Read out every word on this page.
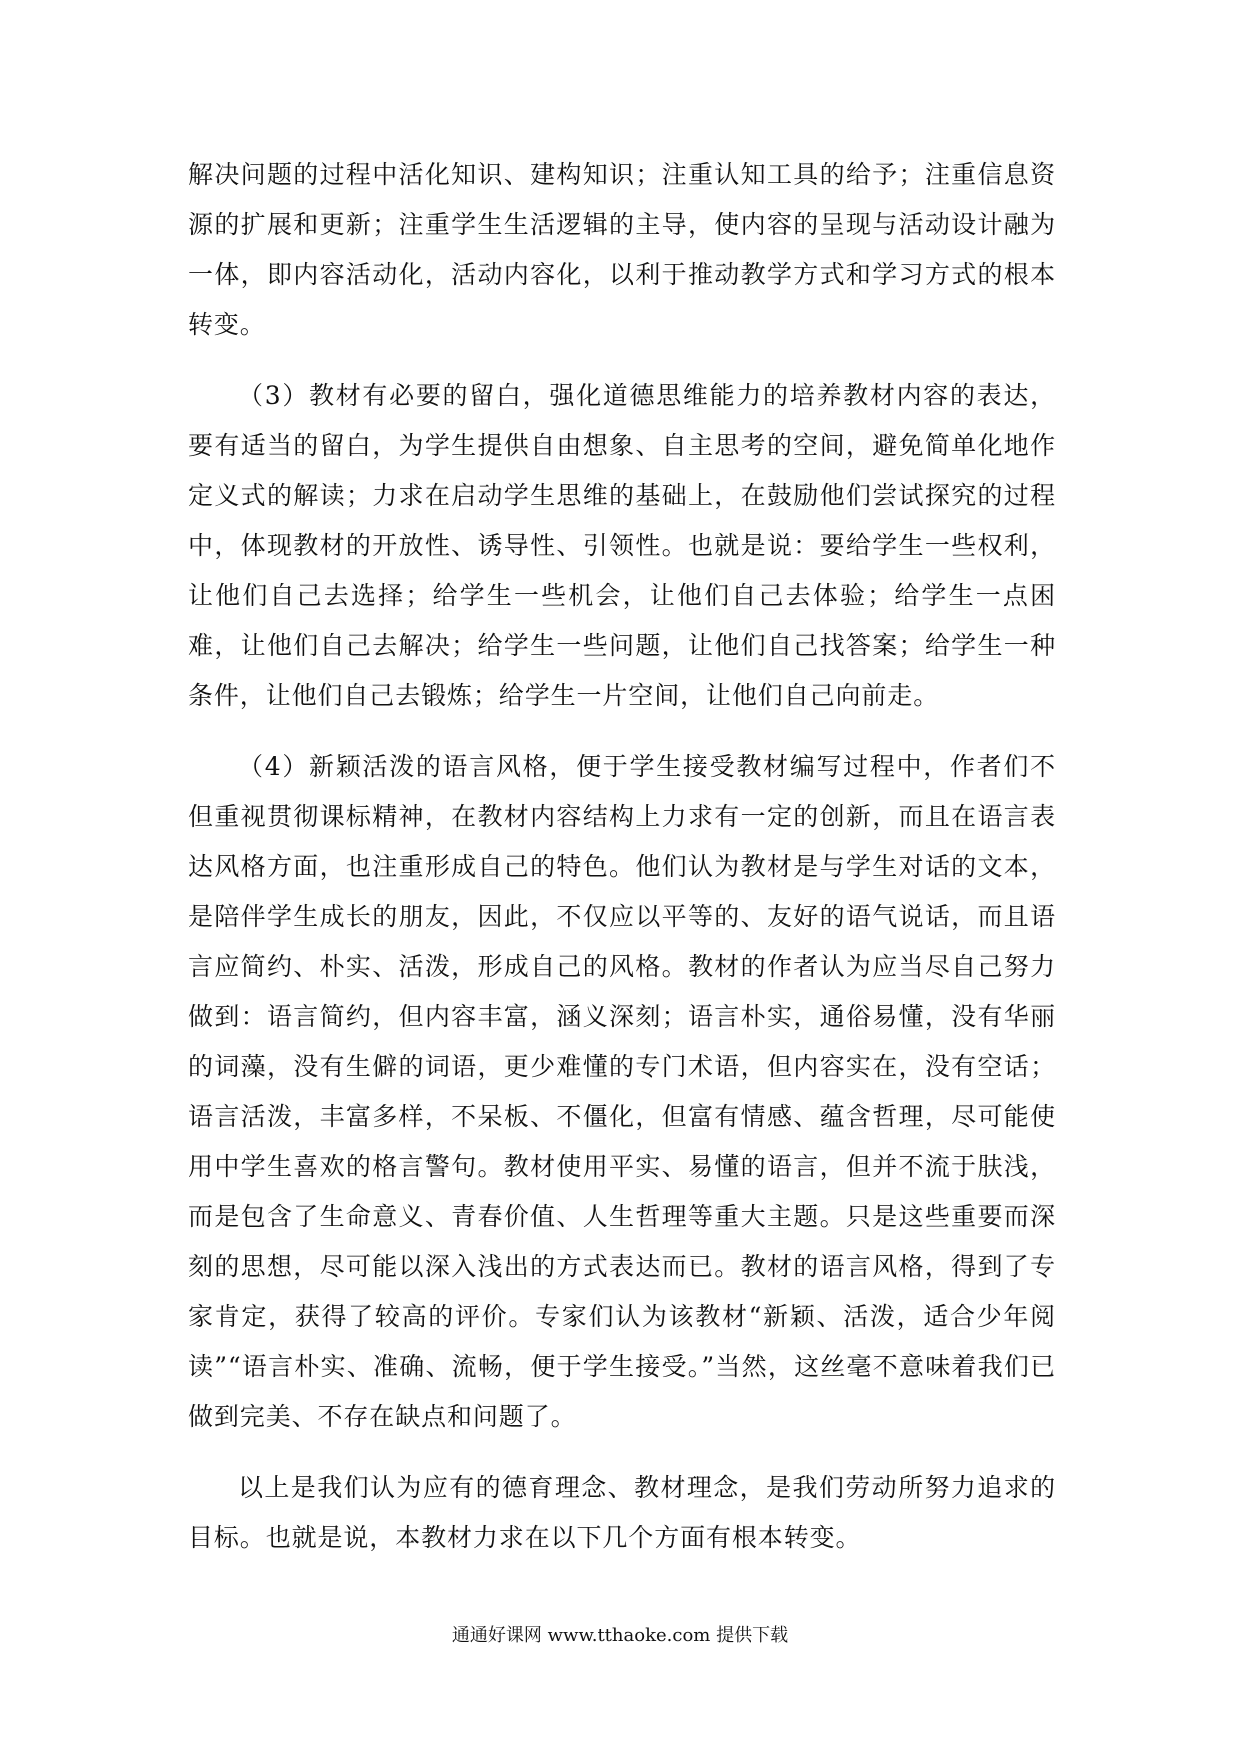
解决问题的过程中活化知识、建构知识；注重认知工具的给予；注重信息资源的扩展和更新；注重学生生活逻辑的主导，使内容的呈现与活动设计融为一体，即内容活动化，活动内容化，以利于推动教学方式和学习方式的根本转变。

（3）教材有必要的留白，强化道德思维能力的培养教材内容的表达，要有适当的留白，为学生提供自由想象、自主思考的空间，避免简单化地作定义式的解读；力求在启动学生思维的基础上，在鼓励他们尝试探究的过程中，体现教材的开放性、诱导性、引领性。也就是说：要给学生一些权利，让他们自己去选择；给学生一些机会，让他们自己去体验；给学生一点困难，让他们自己去解决；给学生一些问题，让他们自己找答案；给学生一种条件，让他们自己去锻炼；给学生一片空间，让他们自己向前走。

（4）新颖活泼的语言风格，便于学生接受教材编写过程中，作者们不但重视贯彻课标精神，在教材内容结构上力求有一定的创新，而且在语言表达风格方面，也注重形成自己的特色。他们认为教材是与学生对话的文本，是陪伴学生成长的朋友，因此，不仅应以平等的、友好的语气说话，而且语言应简约、朴实、活泼，形成自己的风格。教材的作者认为应当尽自己努力做到：语言简约，但内容丰富，涵义深刻；语言朴实，通俗易懂，没有华丽的词藻，没有生僻的词语，更少难懂的专门术语，但内容实在，没有空话；语言活泼，丰富多样，不呆板、不僵化，但富有情感、蕴含哲理，尽可能使用中学生喜欢的格言警句。教材使用平实、易懂的语言，但并不流于肤浅， 而是包含了生命意义、青春价值、人生哲理等重大主题。只是这些重要而深刻的思想，尽可能以深入浅出的方式表达而已。教材的语言风格，得到了专家肯定，获得了较高的评价。专家们认为该教材“新颖、活泼，适合少年阅读”“语言朴实、准确、流畅，便于学生接受。”当然，这丝毫不意味着我们已做到完美、不存在缺点和问题了。

以上是我们认为应有的德育理念、教材理念，是我们劳动所努力追求的目标。也就是说，本教材力求在以下几个方面有根本转变。

通通好课网 www.tthaoke.com 提供下载
